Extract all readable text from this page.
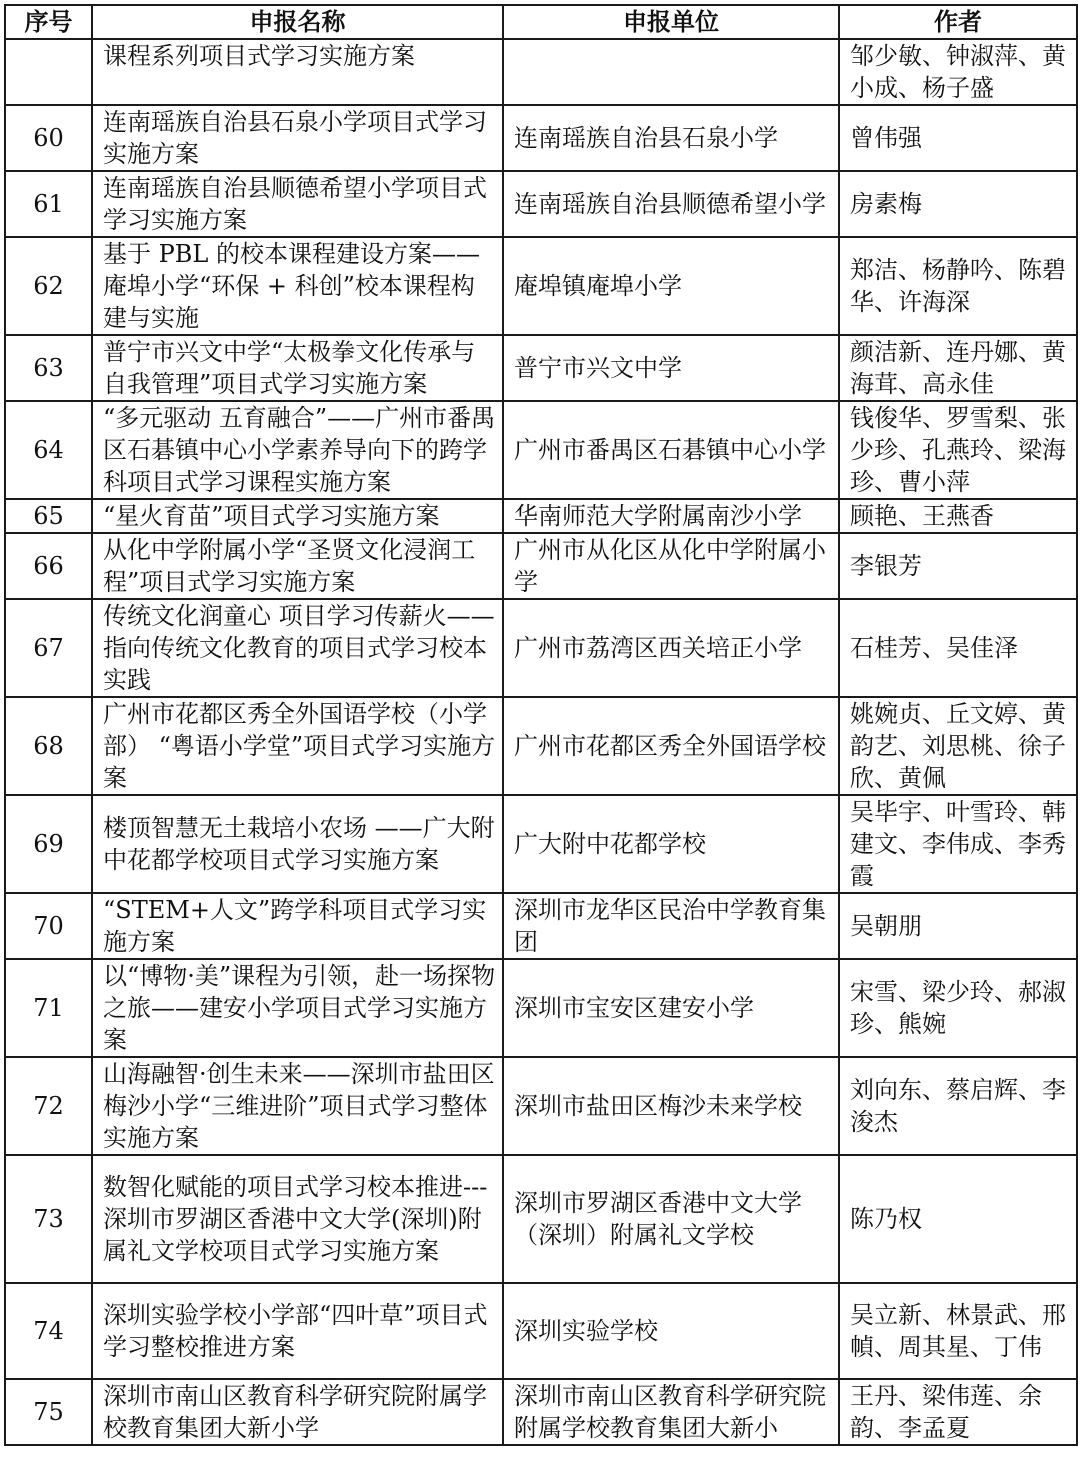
序号	申报名称	申报单位	作者
	课程系列项目式学习实施方案		邹少敏、钟淑萍、黄小成、杨子盛
60	连南瑶族自治县石泉小学项目式学习实施方案	连南瑶族自治县石泉小学	曾伟强
61	连南瑶族自治县顺德希望小学项目式学习实施方案	连南瑶族自治县顺德希望小学	房素梅
62	基于 PBL 的校本课程建设方案——庵埠小学“环保 + 科创”校本课程构建与实施	庵埠镇庵埠小学	郑洁、杨静吟、陈碧华、许海深
63	普宁市兴文中学“太极拳文化传承与自我管理”项目式学习实施方案	普宁市兴文中学	颜洁新、连丹娜、黄海茸、高永佳
64	“多元驱动 五育融合”——广州市番禺区石碁镇中心小学素养导向下的跨学科项目式学习课程实施方案	广州市番禺区石碁镇中心小学	钱俊华、罗雪梨、张少珍、孔燕玲、梁海珍、曹小萍
65	“星火育苗”项目式学习实施方案	华南师范大学附属南沙小学	顾艳、王燕香
66	从化中学附属小学“圣贤文化浸润工程”项目式学习实施方案	广州市从化区从化中学附属小学	李银芳
67	传统文化润童心 项目学习传薪火——指向传统文化教育的项目式学习校本实践	广州市荔湾区西关培正小学	石桂芳、吴佳泽
68	广州市花都区秀全外国语学校（小学部） “粤语小学堂”项目式学习实施方案	广州市花都区秀全外国语学校	姚婉贞、丘文婷、黄韵艺、刘思桃、徐子欣、黄佩
69	楼顶智慧无土栽培小农场 ——广大附中花都学校项目式学习实施方案	广大附中花都学校	吴毕宇、叶雪玲、韩建文、李伟成、李秀霞
70	“STEM+人文”跨学科项目式学习实施方案	深圳市龙华区民治中学教育集团	吴朝朋
71	以“博物·美”课程为引领，赴一场探物之旅——建安小学项目式学习实施方案	深圳市宝安区建安小学	宋雪、梁少玲、郝淑珍、熊婉
72	山海融智·创生未来——深圳市盐田区梅沙小学“三维进阶”项目式学习整体实施方案	深圳市盐田区梅沙未来学校	刘向东、蔡启辉、李浚杰
73	数智化赋能的项目式学习校本推进---深圳市罗湖区香港中文大学(深圳)附属礼文学校项目式学习实施方案	深圳市罗湖区香港中文大学（深圳）附属礼文学校	陈乃权
74	深圳实验学校小学部“四叶草”项目式学习整校推进方案	深圳实验学校	吴立新、林景武、邢幀、周其星、丁伟
75	深圳市南山区教育科学研究院附属学校教育集团大新小学	深圳市南山区教育科学研究院附属学校教育集团大新小	王丹、梁伟莲、余韵、李孟夏
